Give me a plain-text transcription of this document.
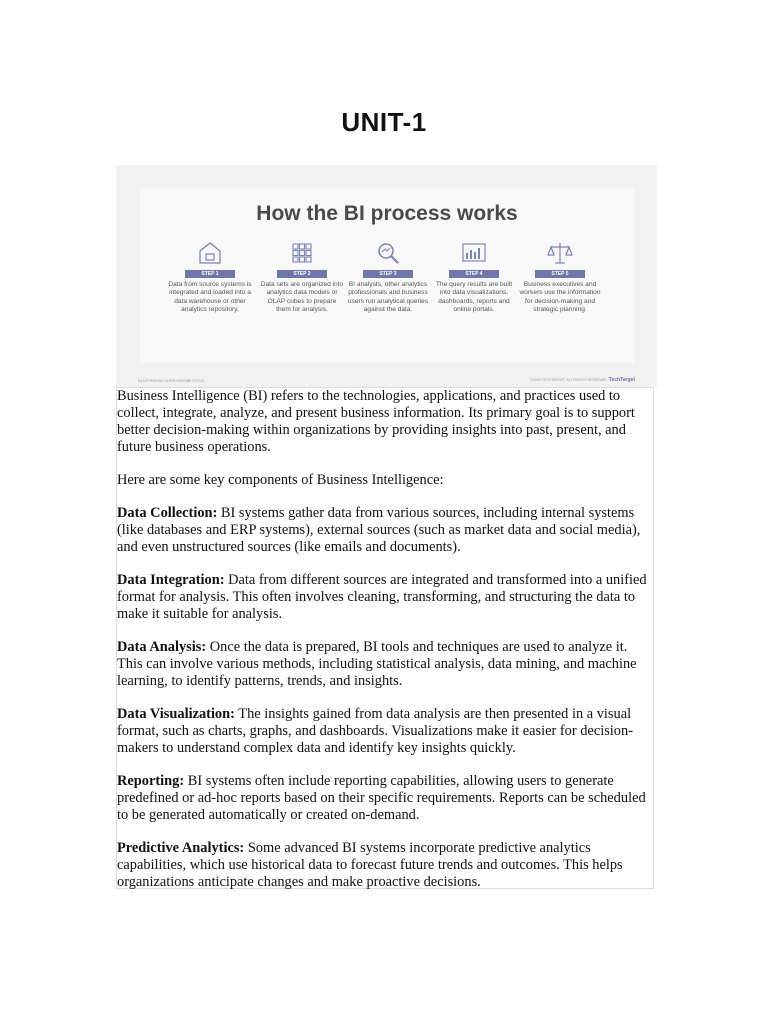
UNIT-1
How the BI process works
STEP 1
Data from source systems is integrated and loaded into a data warehouse or other analytics repository.
STEP 2
Data sets are organized into analytics data models or OLAP cubes to prepare them for analysis.
STEP 3
BI analysts, other analytics professionals and business users run analytical queries against the data.
STEP 4
The query results are built into data visualizations, dashboards, reports and online portals.
STEP 5
Business executives and workers use the information for decision-making and strategic planning.
ILLUSTRATION: ALEXEY/ADOBE STOCK	©2025 TECHTARGET. ALL RIGHTS RESERVED. TechTarget

Business Intelligence (BI) refers to the technologies, applications, and practices used to collect, integrate, analyze, and present business information. Its primary goal is to support better decision-making within organizations by providing insights into past, present, and future business operations.

Here are some key components of Business Intelligence:

Data Collection: BI systems gather data from various sources, including internal systems (like databases and ERP systems), external sources (such as market data and social media), and even unstructured sources (like emails and documents).

Data Integration: Data from different sources are integrated and transformed into a unified format for analysis. This often involves cleaning, transforming, and structuring the data to make it suitable for analysis.

Data Analysis: Once the data is prepared, BI tools and techniques are used to analyze it. This can involve various methods, including statistical analysis, data mining, and machine learning, to identify patterns, trends, and insights.

Data Visualization: The insights gained from data analysis are then presented in a visual format, such as charts, graphs, and dashboards. Visualizations make it easier for decision-makers to understand complex data and identify key insights quickly.

Reporting: BI systems often include reporting capabilities, allowing users to generate predefined or ad-hoc reports based on their specific requirements. Reports can be scheduled to be generated automatically or created on-demand.

Predictive Analytics: Some advanced BI systems incorporate predictive analytics capabilities, which use historical data to forecast future trends and outcomes. This helps organizations anticipate changes and make proactive decisions.
